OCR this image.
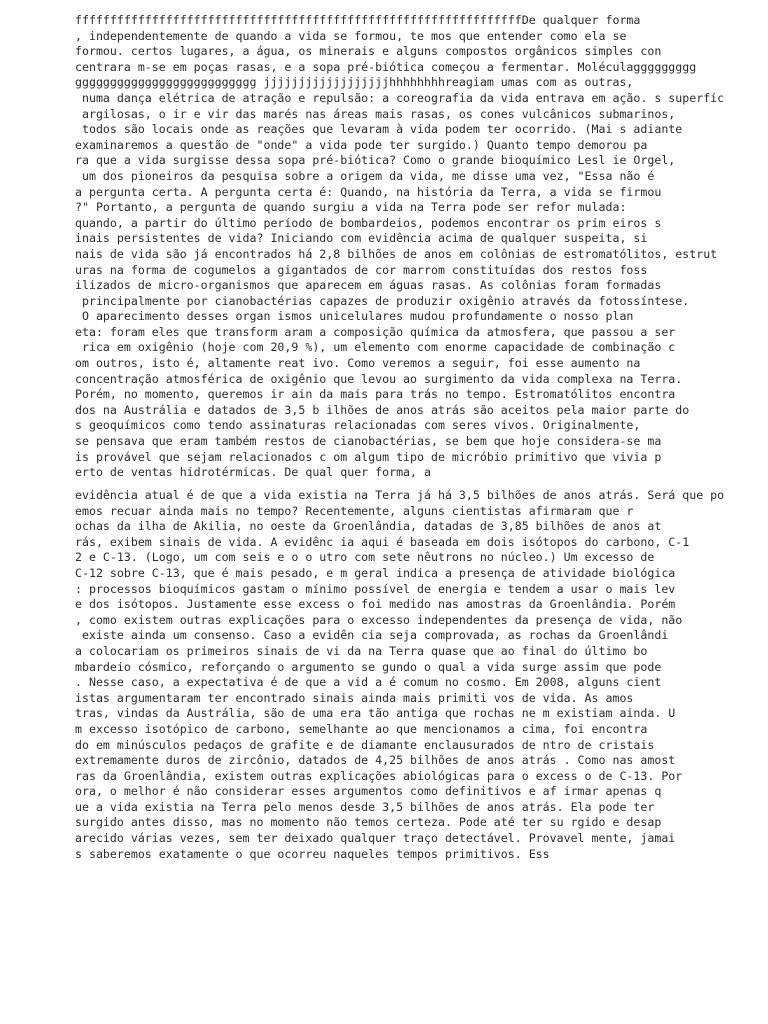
ffffffffffffffffffffffffffffffffffffffffffffffffffffffffffffffffDe qualquer forma
, independentemente de quando a vida se formou, te mos que entender como ela se
formou. certos lugares, a água, os minerais e alguns compostos orgânicos simples con
centrara m-se em poças rasas, e a sopa pré-biótica começou a fermentar. Moléculaggggggggg
gggggggggggggggggggggggggg jjjjjjjjjjjjjjjjjjhhhhhhhhreagiam umas com as outras,
numa dança elétrica de atração e repulsão: a coreografia da vida entrava em ação. s superfíc
argilosas, o ir e vir das marés nas áreas mais rasas, os cones vulcânicos submarinos,
todos são locais onde as reações que levaram à vida podem ter ocorrido. (Mai s adiante
examinaremos a questão de "onde" a vida pode ter surgido.) Quanto tempo demorou pa
ra que a vida surgisse dessa sopa pré-biótica? Como o grande bioquímico Lesl ie Orgel,
um dos pioneiros da pesquisa sobre a origem da vida, me disse uma vez, "Essa não é
a pergunta certa. A pergunta certa é: Quando, na história da Terra, a vida se firmou
?" Portanto, a pergunta de quando surgiu a vida na Terra pode ser refor mulada:
quando, a partir do último período de bombardeios, podemos encontrar os prim eiros s
inais persistentes de vida? Iniciando com evidência acima de qualquer suspeita, si
nais de vida são já encontrados há 2,8 bilhões de anos em colônias de estromatólitos, estrut
uras na forma de cogumelos a gigantados de cor marrom constituídas dos restos foss
ilizados de micro-organismos que aparecem em águas rasas. As colônias foram formadas
principalmente por cianobactérias capazes de produzir oxigênio através da fotossíntese.
O aparecimento desses organ ismos unicelulares mudou profundamente o nosso plan
eta: foram eles que transform aram a composição química da atmosfera, que passou a ser
rica em oxigênio (hoje com 20,9 %), um elemento com enorme capacidade de combinação c
om outros, isto é, altamente reat ivo. Como veremos a seguir, foi esse aumento na
concentração atmosférica de oxigênio que levou ao surgimento da vida complexa na Terra.
Porém, no momento, queremos ir ain da mais para trás no tempo. Estromatólitos encontra
dos na Austrália e datados de 3,5 b ilhões de anos atrás são aceitos pela maior parte do
s geoquímicos como tendo assinaturas relacionadas com seres vivos. Originalmente,
se pensava que eram também restos de cianobactérias, se bem que hoje considera-se ma
is provável que sejam relacionados c om algum tipo de micróbio primitivo que vivia p
erto de ventas hidrotérmicas. De qual quer forma, a
evidência atual é de que a vida existia na Terra já há 3,5 bilhões de anos atrás. Será que po
emos recuar ainda mais no tempo? Recentemente, alguns cientistas afirmaram que r
ochas da ilha de Akilia, no oeste da Groenlândia, datadas de 3,85 bilhões de anos at
rás, exibem sinais de vida. A evidênc ia aqui é baseada em dois isótopos do carbono, C-1
2 e C-13. (Logo, um com seis e o o utro com sete nêutrons no núcleo.) Um excesso de
C-12 sobre C-13, que é mais pesado, e m geral indica a presença de atividade biológica
: processos bioquímicos gastam o mínimo possível de energia e tendem a usar o mais lev
e dos isótopos. Justamente esse excess o foi medido nas amostras da Groenlândia. Porém
, como existem outras explicações para o excesso independentes da presença de vida, não
existe ainda um consenso. Caso a evidên cia seja comprovada, as rochas da Groenlândi
a colocariam os primeiros sinais de vi da na Terra quase que ao final do último bo
mbardeio cósmico, reforçando o argumento se gundo o qual a vida surge assim que pode
. Nesse caso, a expectativa é de que a vid a é comum no cosmo. Em 2008, alguns cient
istas argumentaram ter encontrado sinais ainda mais primiti vos de vida. As amos
tras, vindas da Austrália, são de uma era tão antiga que rochas ne m existiam ainda. U
m excesso isotópico de carbono, semelhante ao que mencionamos a cima, foi encontra
do em minúsculos pedaços de grafite e de diamante enclausurados de ntro de cristais
extremamente duros de zircônio, datados de 4,25 bilhões de anos atrás . Como nas amost
ras da Groenlândia, existem outras explicações abiológicas para o excess o de C-13. Por
ora, o melhor é não considerar esses argumentos como definitivos e af irmar apenas q
ue a vida existia na Terra pelo menos desde 3,5 bilhões de anos atrás. Ela pode ter
surgido antes disso, mas no momento não temos certeza. Pode até ter su rgido e desap
arecido várias vezes, sem ter deixado qualquer traço detectável. Provavel mente, jamai
s saberemos exatamente o que ocorreu naqueles tempos primitivos. Ess
